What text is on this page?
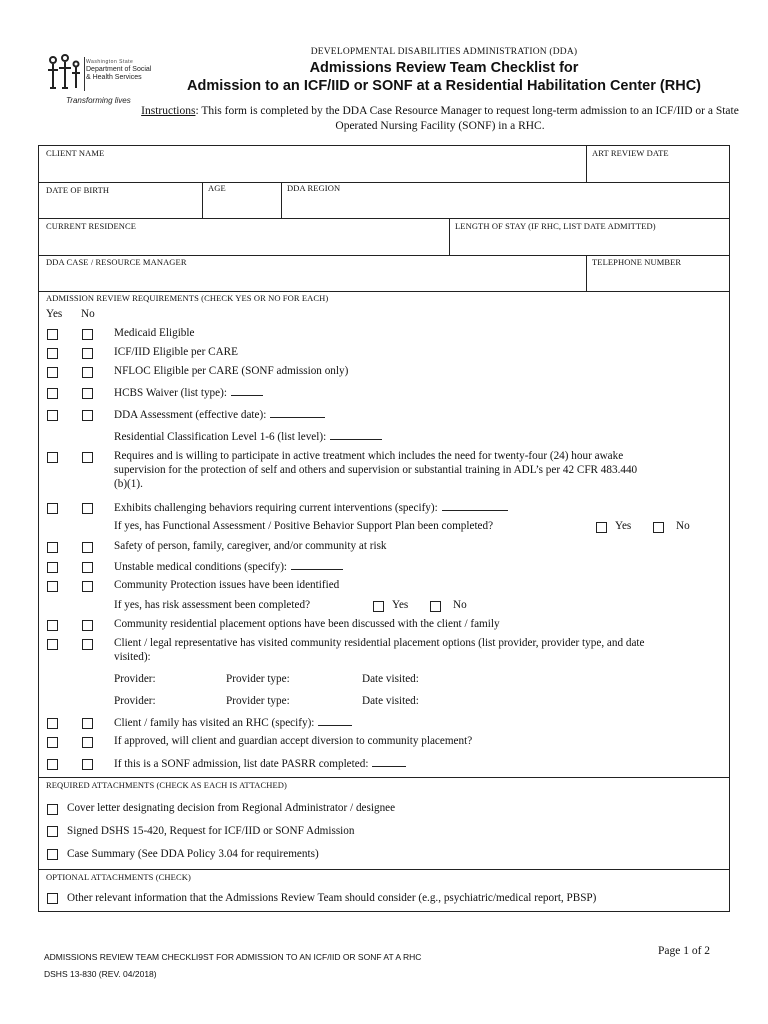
Washington State
Department of Social
& Health Services
Transforming lives
DEVELOPMENTAL DISABILITIES ADMINISTRATION (DDA)
Admissions Review Team Checklist for
Admission to an ICF/IID or SONF at a Residential Habilitation Center (RHC)
Instructions: This form is completed by the DDA Case Resource Manager to request long-term admission to an ICF/IID or a State Operated Nursing Facility (SONF) in a RHC.
CLIENT NAME	ART REVIEW DATE
DATE OF BIRTH	AGE	DDA REGION
CURRENT RESIDENCE	LENGTH OF STAY (IF RHC, LIST DATE ADMITTED)
DDA CASE / RESOURCE MANAGER	TELEPHONE NUMBER
ADMISSION REVIEW REQUIREMENTS (CHECK YES OR NO FOR EACH)
Yes No
Medicaid Eligible
ICF/IID Eligible per CARE
NFLOC Eligible per CARE (SONF admission only)
HCBS Waiver (list type):
DDA Assessment (effective date):
Residential Classification Level 1-6 (list level):
Requires and is willing to participate in active treatment which includes the need for twenty-four (24) hour awake
supervision for the protection of self and others and supervision or substantial training in ADL’s per 42 CFR 483.440
(b)(1).
Exhibits challenging behaviors requiring current interventions (specify):
If yes, has Functional Assessment / Positive Behavior Support Plan been completed?	Yes	No
Safety of person, family, caregiver, and/or community at risk
Unstable medical conditions (specify):
Community Protection issues have been identified
If yes, has risk assessment been completed?	Yes	No
Community residential placement options have been discussed with the client / family
Client / legal representative has visited community residential placement options (list provider, provider type, and date
visited):
Provider:	Provider type:	Date visited:
Provider:	Provider type:	Date visited:
Client / family has visited an RHC (specify):
If approved, will client and guardian accept diversion to community placement?
If this is a SONF admission, list date PASRR completed:
REQUIRED ATTACHMENTS (CHECK AS EACH IS ATTACHED)
Cover letter designating decision from Regional Administrator / designee
Signed DSHS 15-420, Request for ICF/IID or SONF Admission
Case Summary (See DDA Policy 3.04 for requirements)
OPTIONAL ATTACHMENTS (CHECK)
Other relevant information that the Admissions Review Team should consider (e.g., psychiatric/medical report, PBSP)
ADMISSIONS REVIEW TEAM CHECKLI9ST FOR ADMISSION TO AN ICF/IID OR SONF AT A RHC
DSHS 13-830 (REV. 04/2018)
Page 1 of 2
